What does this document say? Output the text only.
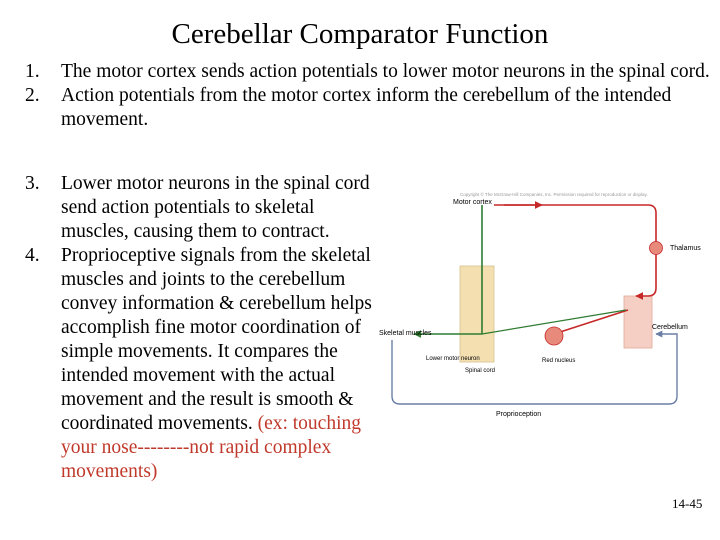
Cerebellar Comparator Function
1. The motor cortex sends action potentials to lower motor neurons in the spinal cord.
2. Action potentials from the motor cortex inform the cerebellum of the intended movement.
3. Lower motor neurons in the spinal cord send action potentials to skeletal muscles, causing them to contract.
4. Proprioceptive signals from the skeletal muscles and joints to the cerebellum convey information & cerebellum helps accomplish fine motor coordination of simple movements. It compares the intended movement with the actual movement and the result is smooth & coordinated movements. (ex: touching your nose--------not rapid complex movements)
Copyright © The McGraw-Hill Companies, Inc. Permission required for reproduction or display.
Motor cortex
Thalamus
Cerebellum
Skeletal muscles
Lower motor neuron
Spinal cord
Red nucleus
Proprioception
14-45
